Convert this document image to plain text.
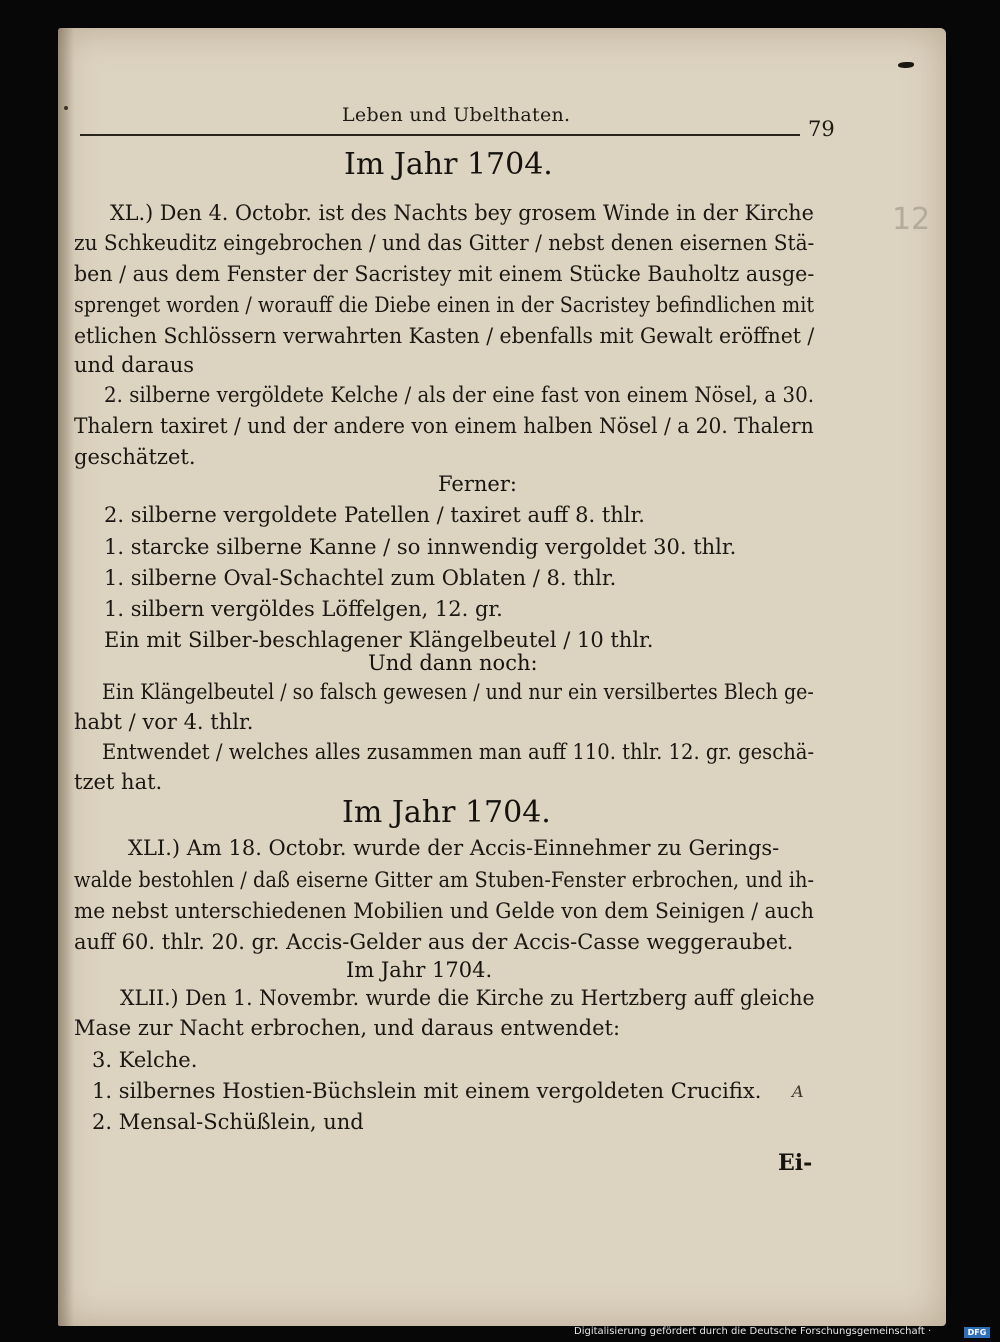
Leben und Ubelthaten.
79
12
Im Jahr 1704.
XL.) Den 4. Octobr. ist des Nachts bey grosem Winde in der Kirche
zu Schkeuditz eingebrochen / und das Gitter / nebst denen eisernen Stä-
ben / aus dem Fenster der Sacristey mit einem Stücke Bauholtz ausge-
sprenget worden / worauff die Diebe einen in der Sacristey befindlichen mit
etlichen Schlössern verwahrten Kasten / ebenfalls mit Gewalt eröffnet /
und daraus
2. silberne vergöldete Kelche / als der eine fast von einem Nösel, a 30.
Thalern taxiret / und der andere von einem halben Nösel / a 20. Thalern
geschätzet.
Ferner:
2. silberne vergoldete Patellen / taxiret auff 8. thlr.
1. starcke silberne Kanne / so innwendig vergoldet 30. thlr.
1. silberne Oval-Schachtel zum Oblaten / 8. thlr.
1. silbern vergöldes Löffelgen, 12. gr.
Ein mit Silber-beschlagener Klängelbeutel / 10 thlr.
Und dann noch:
Ein Klängelbeutel / so falsch gewesen / und nur ein versilbertes Blech ge-
habt / vor 4. thlr.
Entwendet / welches alles zusammen man auff 110. thlr. 12. gr. geschä-
tzet hat.
Im Jahr 1704.
XLI.) Am 18. Octobr. wurde der Accis-Einnehmer zu Gerings-
walde bestohlen / daß eiserne Gitter am Stuben-Fenster erbrochen, und ih-
me nebst unterschiedenen Mobilien und Gelde von dem Seinigen / auch
auff 60. thlr. 20. gr. Accis-Gelder aus der Accis-Casse weggeraubet.
Im Jahr 1704.
XLII.) Den 1. Novembr. wurde die Kirche zu Hertzberg auff gleiche
Mase zur Nacht erbrochen, und daraus entwendet:
3. Kelche.
1. silbernes Hostien-Büchslein mit einem vergoldeten Crucifix.
2. Mensal-Schüßlein, und
A
Ei-
Digitalisierung gefördert durch die Deutsche Forschungsgemeinschaft ·	DFG
